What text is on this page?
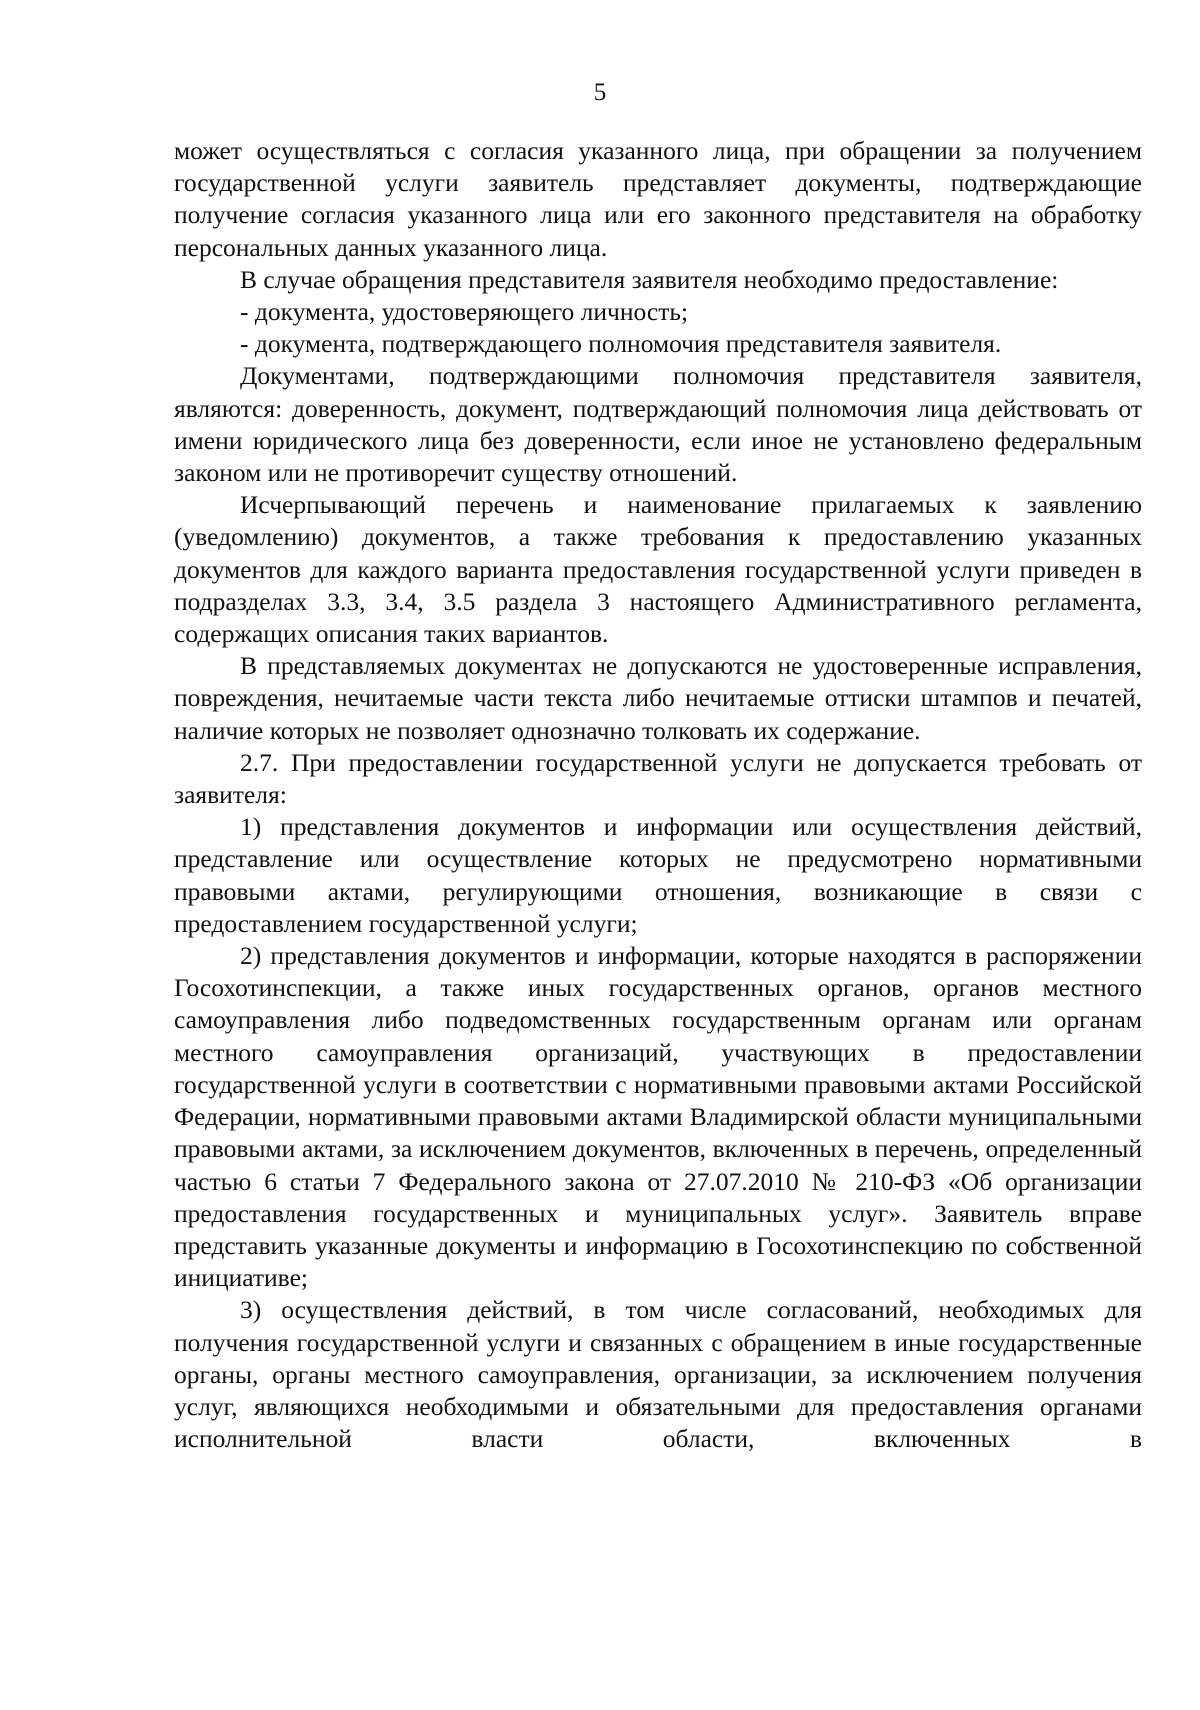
5

может осуществляться с согласия указанного лица, при обращении за получением государственной услуги заявитель представляет документы, подтверждающие получение согласия указанного лица или его законного представителя на обработку персональных данных указанного лица.

В случае обращения представителя заявителя необходимо предоставление:

- документа, удостоверяющего личность;

- документа, подтверждающего полномочия представителя заявителя.

Документами, подтверждающими полномочия представителя заявителя, являются: доверенность, документ, подтверждающий полномочия лица действовать от имени юридического лица без доверенности, если иное не установлено федеральным законом или не противоречит существу отношений.

Исчерпывающий перечень и наименование прилагаемых к заявлению (уведомлению) документов, а также требования к предоставлению указанных документов для каждого варианта предоставления государственной услуги приведен в подразделах 3.3, 3.4, 3.5 раздела 3 настоящего Административного регламента, содержащих описания таких вариантов.

В представляемых документах не допускаются не удостоверенные исправления, повреждения, нечитаемые части текста либо нечитаемые оттиски штампов и печатей, наличие которых не позволяет однозначно толковать их содержание.

2.7. При предоставлении государственной услуги не допускается требовать от заявителя:

1) представления документов и информации или осуществления действий, представление или осуществление которых не предусмотрено нормативными правовыми актами, регулирующими отношения, возникающие в связи с предоставлением государственной услуги;

2) представления документов и информации, которые находятся в распоряжении Госохотинспекции, а также иных государственных органов, органов местного самоуправления либо подведомственных государственным органам или органам местного самоуправления организаций, участвующих в предоставлении государственной услуги в соответствии с нормативными правовыми актами Российской Федерации, нормативными правовыми актами Владимирской области муниципальными правовыми актами, за исключением документов, включенных в перечень, определенный частью 6 статьи 7 Федерального закона от 27.07.2010 № 210-ФЗ «Об организации предоставления государственных и муниципальных услуг». Заявитель вправе представить указанные документы и информацию в Госохотинспекцию по собственной инициативе;

3) осуществления действий, в том числе согласований, необходимых для получения государственной услуги и связанных с обращением в иные государственные органы, органы местного самоуправления, организации, за исключением получения услуг, являющихся необходимыми и обязательными для предоставления органами исполнительной власти области, включенных в
